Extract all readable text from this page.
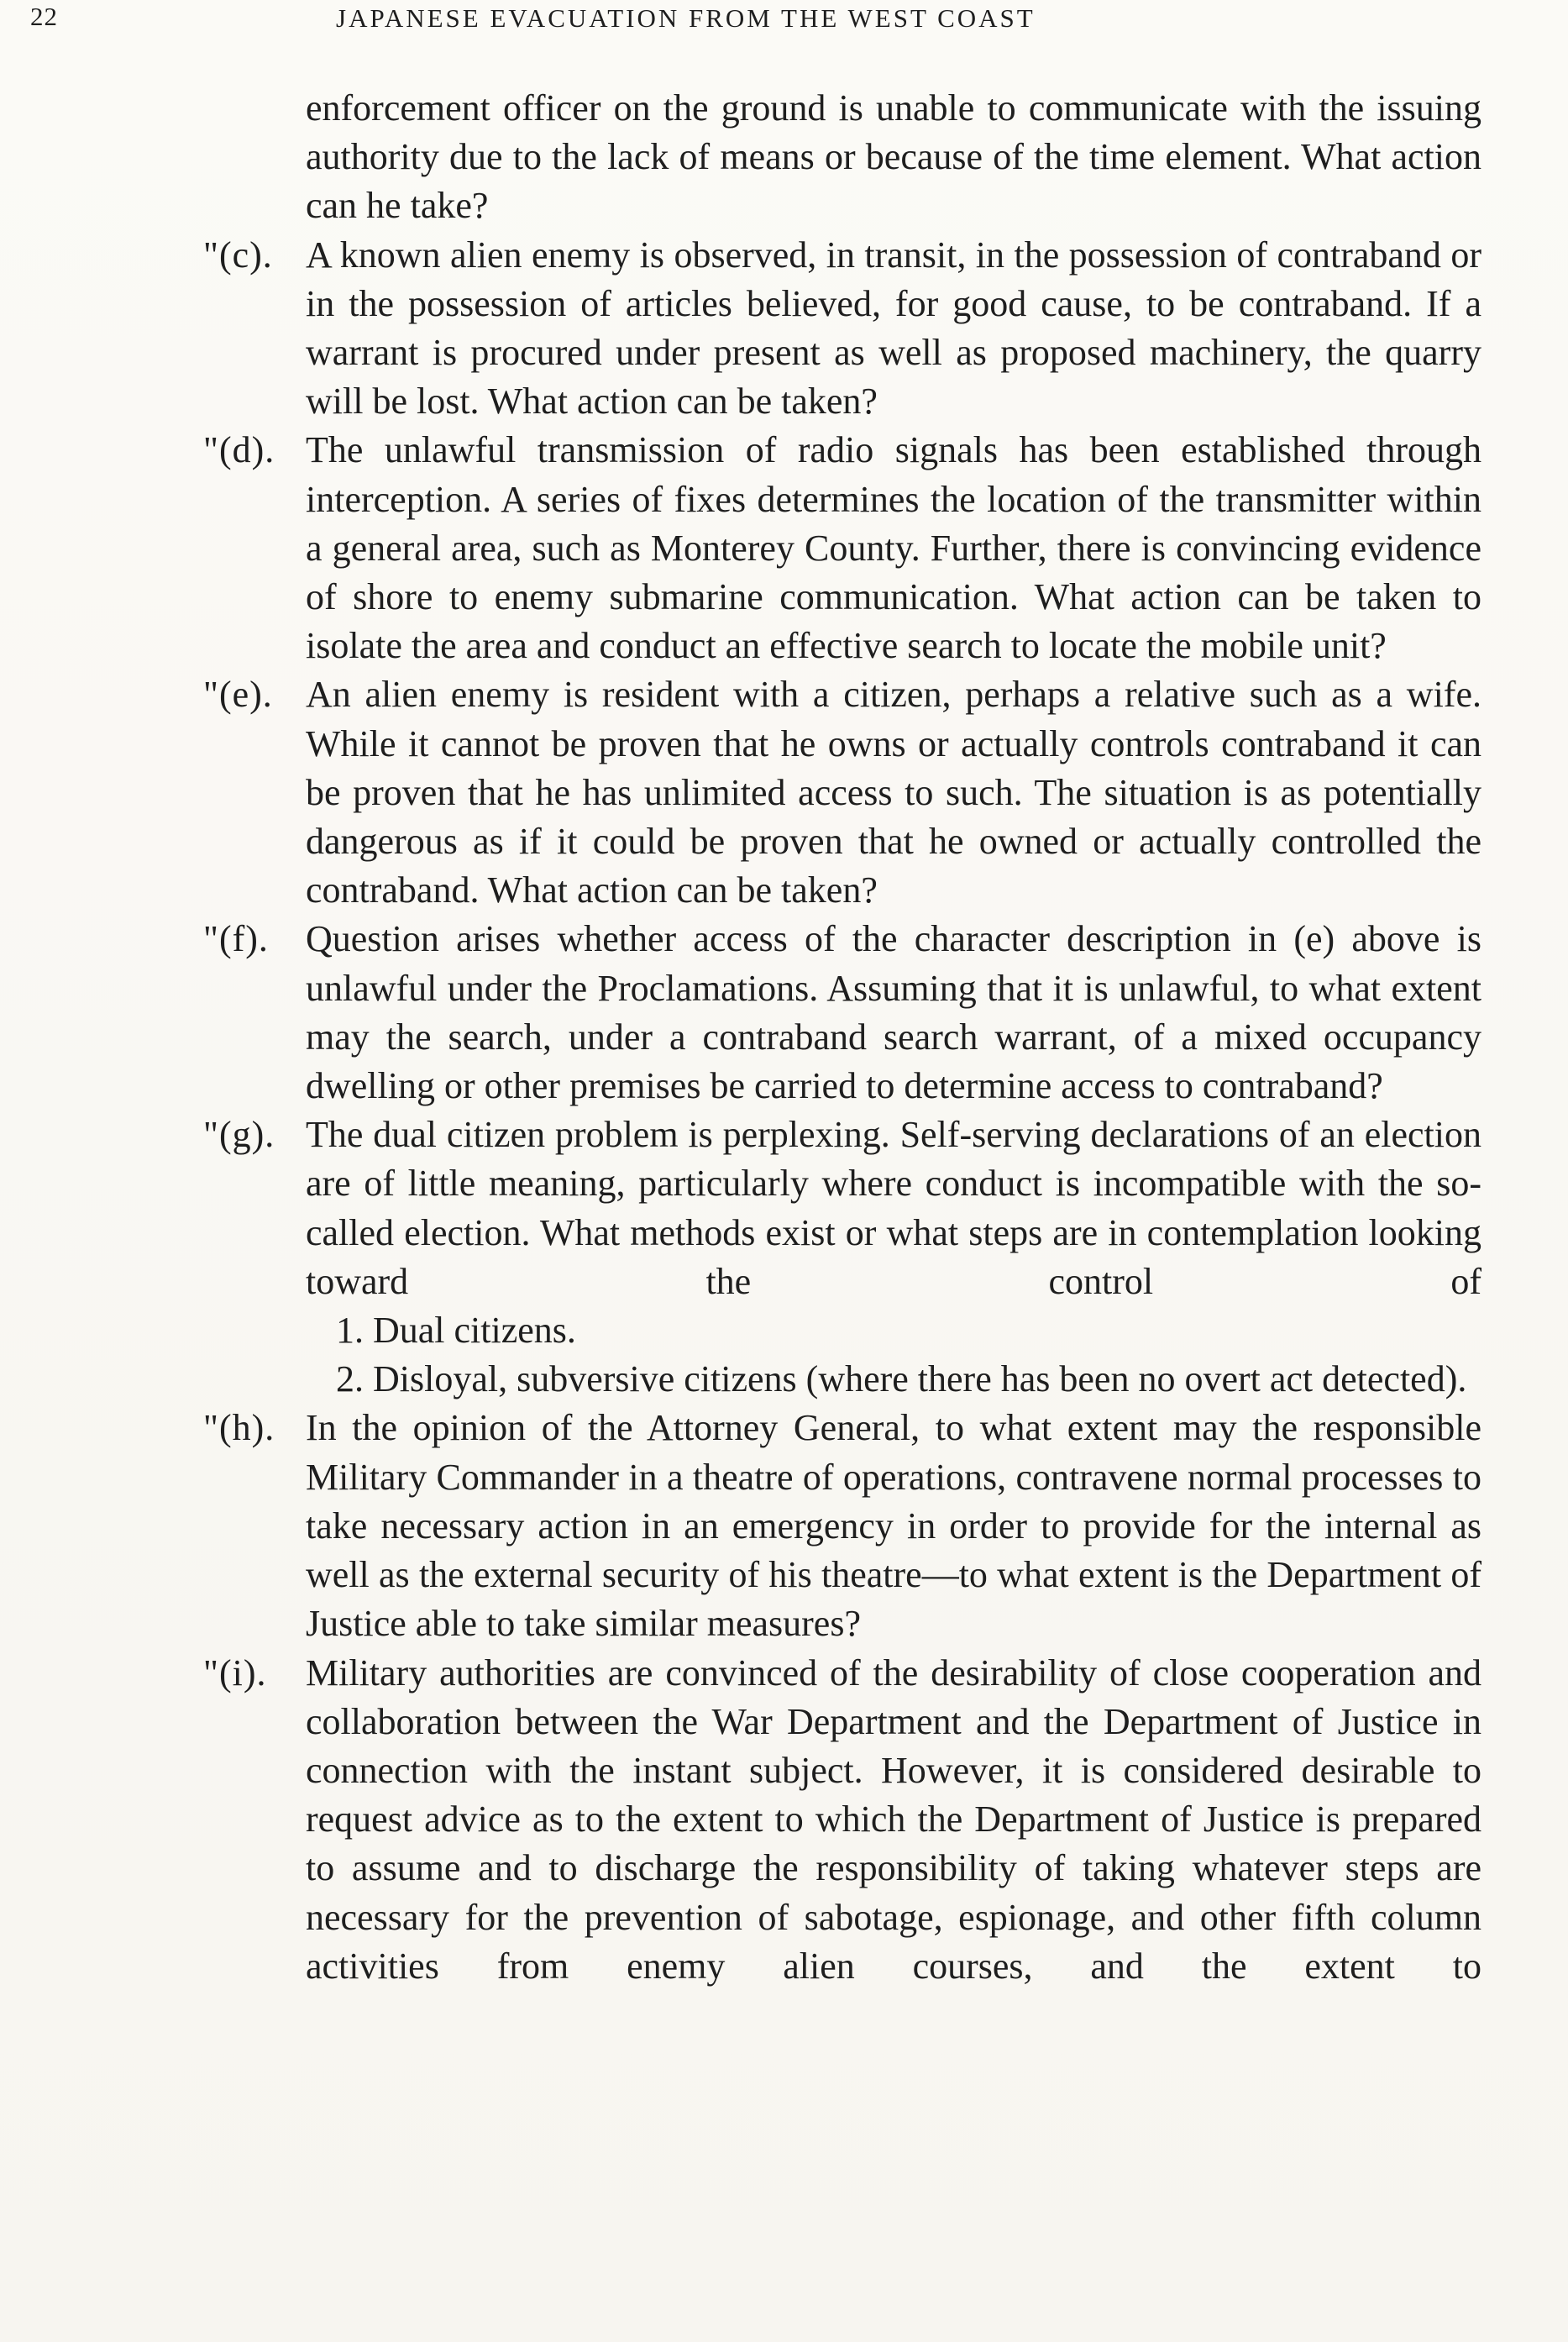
22	JAPANESE EVACUATION FROM THE WEST COAST
enforcement officer on the ground is unable to communicate with the issuing authority due to the lack of means or because of the time element. What action can he take?
"(c). A known alien enemy is observed, in transit, in the possession of contraband or in the possession of articles believed, for good cause, to be contraband. If a warrant is procured under present as well as proposed machinery, the quarry will be lost. What action can be taken?
"(d). The unlawful transmission of radio signals has been established through interception. A series of fixes determines the location of the transmitter within a general area, such as Monterey County. Further, there is convincing evidence of shore to enemy submarine communication. What action can be taken to isolate the area and conduct an effective search to locate the mobile unit?
"(e). An alien enemy is resident with a citizen, perhaps a relative such as a wife. While it cannot be proven that he owns or actually controls contraband it can be proven that he has unlimited access to such. The situation is as potentially dangerous as if it could be proven that he owned or actually controlled the contraband. What action can be taken?
"(f).	Question arises whether access of the character description in (e) above is unlawful under the Proclamations. Assuming that it is unlawful, to what extent may the search, under a contraband search warrant, of a mixed occupancy dwelling or other premises be carried to determine access to contraband?
"(g). The dual citizen problem is perplexing. Self-serving declarations of an election are of little meaning, particularly where conduct is incompatible with the so-called election. What methods exist or what steps are in contemplation looking toward the control of
1. Dual citizens.
2. Disloyal, subversive citizens (where there has been no overt act detected).
"(h). In the opinion of the Attorney General, to what extent may the responsible Military Commander in a theatre of operations, contravene normal processes to take necessary action in an emergency in order to provide for the internal as well as the external security of his theatre—to what extent is the Department of Justice able to take similar measures?
"(i).	Military authorities are convinced of the desirability of close cooperation and collaboration between the War Department and the Department of Justice in connection with the instant subject. However, it is considered desirable to request advice as to the extent to which the Department of Justice is prepared to assume and to discharge the responsibility of taking whatever steps are necessary for the prevention of sabotage, espionage, and other fifth column activities from enemy alien courses, and the extent to
